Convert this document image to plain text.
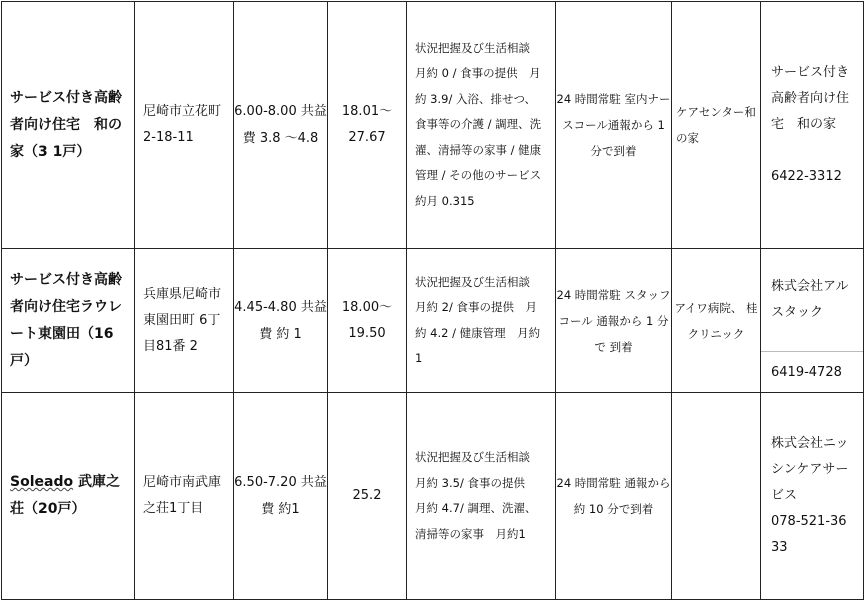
サービス付き高齢者向け住宅　和の家（3 1戸）	尼崎市立花町 2-18-11	6.00-8.00 共益費 3.8 ～4.8	18.01～ 27.67	状況把握及び生活相談　月約 0 / 食事の提供　月約 3.9/ 入浴、排せつ、食事等の介護 / 調理、洗濯、清掃等の家事 / 健康管理 / その他のサービス　約月 0.315	24 時間常駐 室内ナースコール通報から 1 分で到着	ケアセンター和の家	サービス付き高齢者向け住宅　和の家
6422-3312

サービス付き高齢者向け住宅ラウレート東園田（16戸）	兵庫県尼崎市東園田町 6丁目81番 2	4.45-4.80 共益費 約 1	18.00～ 19.50	状況把握及び生活相談　月約 2/ 食事の提供　月約 4.2 / 健康管理　月約1	24 時間常駐 スタッフコール 通報から 1 分で 到着	アイワ病院、 桂クリニック	株式会社アルスタック
6419-4728

Soleado 武庫之荘（20戸）	尼崎市南武庫之荘1丁目	6.50-7.20 共益費 約1	25.2	状況把握及び生活相談　月約 3.5/ 食事の提供　月約 4.7/ 調理、洗濯、清掃等の家事　月約1	24 時間常駐 通報から約 10 分で到着		株式会社ニッシンケアサービス
078-521-36 33
